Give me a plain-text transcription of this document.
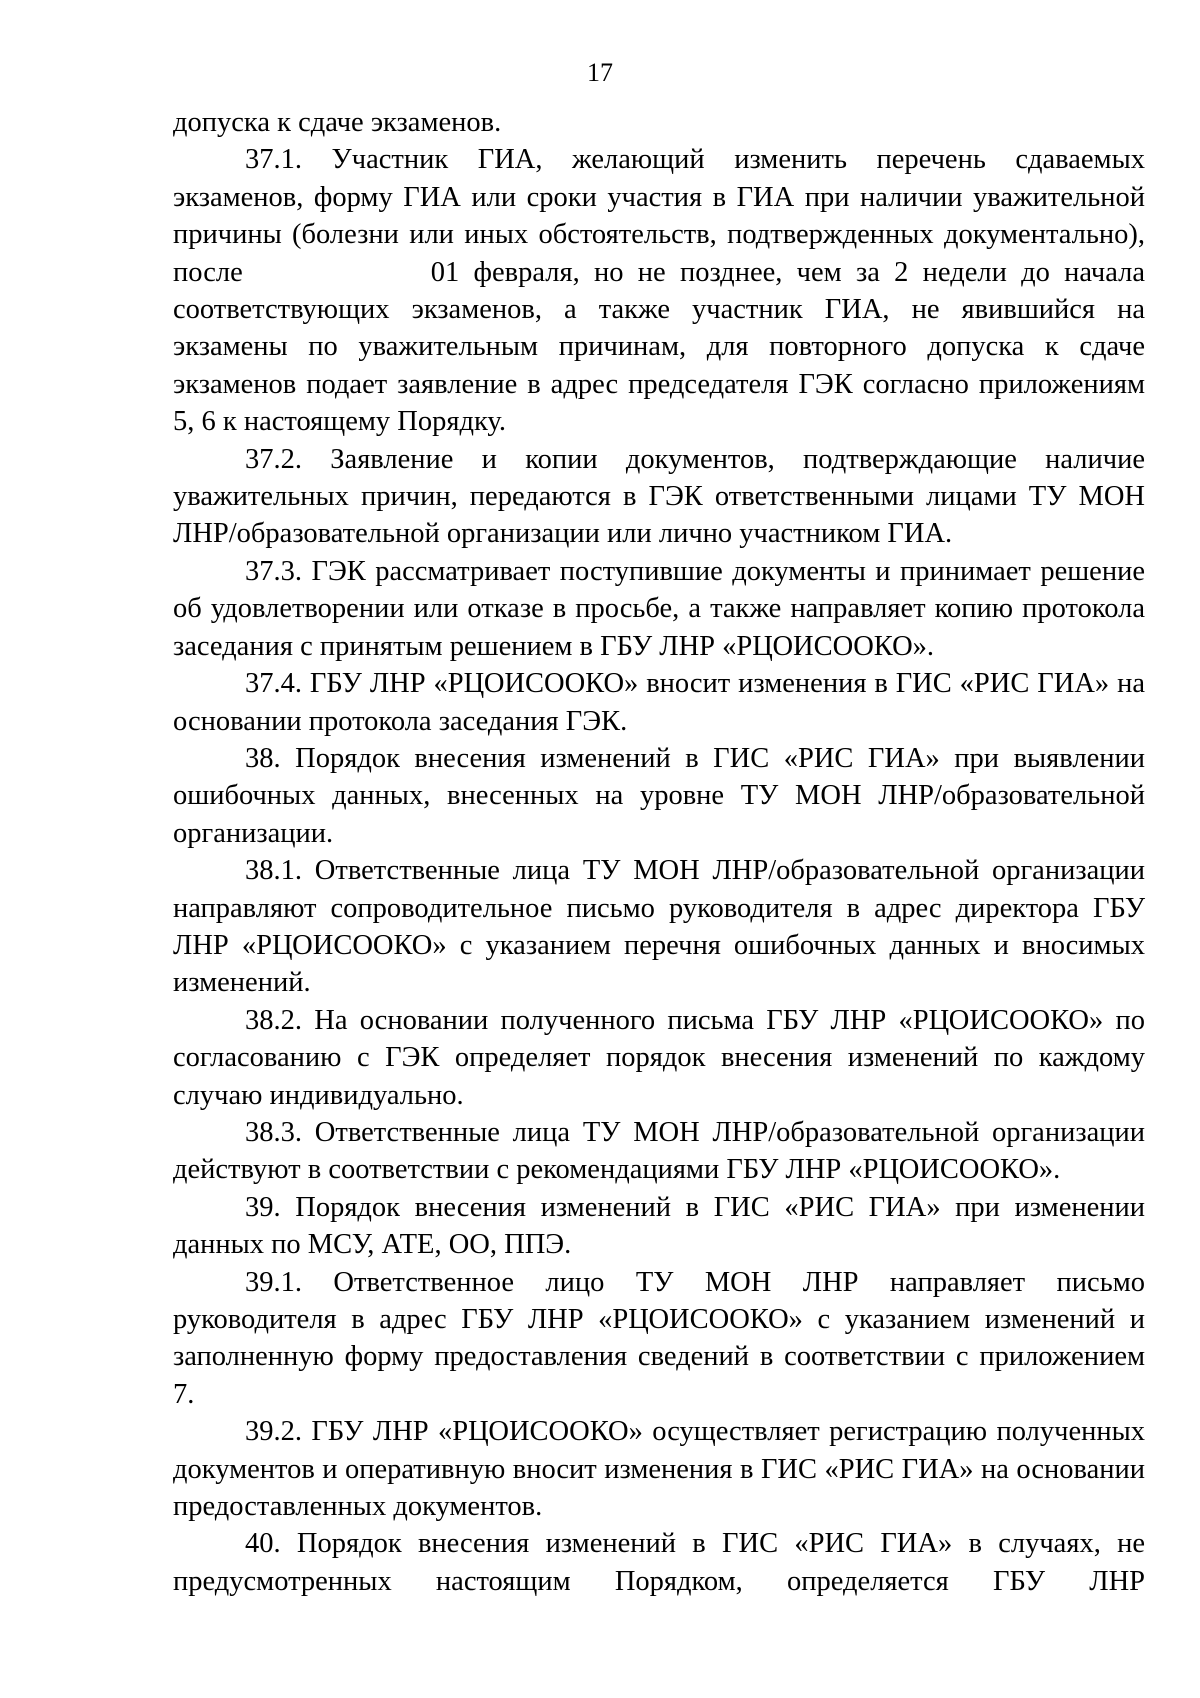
17

допуска к сдаче экзаменов.

37.1. Участник ГИА, желающий изменить перечень сдаваемых экзаменов, форму ГИА или сроки участия в ГИА при наличии уважительной причины (болезни или иных обстоятельств, подтвержденных документально), после	01 февраля, но не позднее, чем за 2 недели до начала соответствующих экзаменов, а также участник ГИА, не явившийся на экзамены по уважительным причинам, для повторного допуска к сдаче экзаменов подает заявление в адрес председателя ГЭК согласно приложениям 5, 6 к настоящему Порядку.

37.2. Заявление и копии документов, подтверждающие наличие уважительных причин, передаются в ГЭК ответственными лицами ТУ МОН ЛНР/образовательной организации или лично участником ГИА.

37.3. ГЭК рассматривает поступившие документы и принимает решение об удовлетворении или отказе в просьбе, а также направляет копию протокола заседания с принятым решением в ГБУ ЛНР «РЦОИСООКО».

37.4. ГБУ ЛНР «РЦОИСООКО» вносит изменения в ГИС «РИС ГИА» на основании протокола заседания ГЭК.

38. Порядок внесения изменений в ГИС «РИС ГИА» при выявлении ошибочных данных, внесенных на уровне ТУ МОН ЛНР/образовательной организации.

38.1. Ответственные лица ТУ МОН ЛНР/образовательной организации направляют сопроводительное письмо руководителя в адрес директора ГБУ ЛНР «РЦОИСООКО» с указанием перечня ошибочных данных и вносимых изменений.

38.2. На основании полученного письма ГБУ ЛНР «РЦОИСООКО» по согласованию с ГЭК определяет порядок внесения изменений по каждому случаю индивидуально.

38.3. Ответственные лица ТУ МОН ЛНР/образовательной организации действуют в соответствии с рекомендациями ГБУ ЛНР «РЦОИСООКО».

39. Порядок внесения изменений в ГИС «РИС ГИА» при изменении данных по МСУ, АТЕ, ОО, ППЭ.

39.1. Ответственное лицо ТУ МОН ЛНР направляет письмо руководителя в адрес ГБУ ЛНР «РЦОИСООКО» с указанием изменений и заполненную форму предоставления сведений в соответствии с приложением 7.

39.2. ГБУ ЛНР «РЦОИСООКО» осуществляет регистрацию полученных документов и оперативную вносит изменения в ГИС «РИС ГИА» на основании предоставленных документов.

40. Порядок внесения изменений в ГИС «РИС ГИА» в случаях, не предусмотренных настоящим Порядком, определяется ГБУ ЛНР
